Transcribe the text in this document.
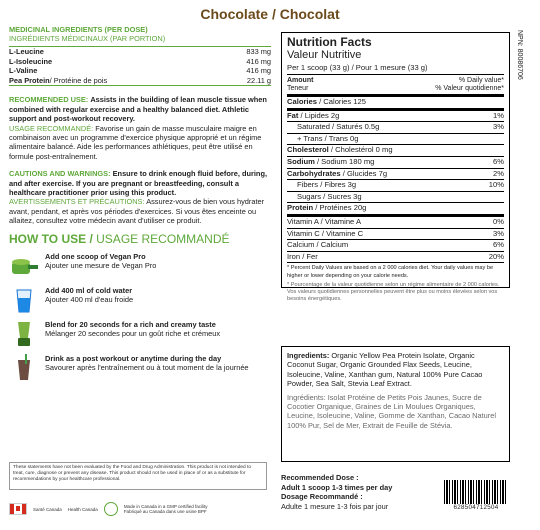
Chocolate / Chocolat
NPN: 80086706
MEDICINAL INGREDIENTS (PER DOSE)
INGRÉDIENTS MÉDICINAUX (PAR PORTION)
L-Leucine	833 mg
L-Isoleucine	416 mg
L-Valine	416 mg
Pea Protein/ Protéine de pois	22.11 g

RECOMMENDED USE: Assists in the building of lean muscle tissue when combined with regular exercise and a healthy balanced diet. Athletic support and post-workout recovery.

USAGE RECOMMANDÉ: Favorise un gain de masse musculaire maigre en combinaison avec un programme d'exercice physique approprié et un régime alimentaire balancé. Aide les performances athlétiques, peut être utilisé en formule post-entraînement.

CAUTIONS AND WARNINGS: Ensure to drink enough fluid before, during, and after exercise. If you are pregnant or breastfeeding, consult a healthcare practitioner prior using this product.

AVERTISSEMENTS ET PRÉCAUTIONS: Assurez-vous de bien vous hydrater avant, pendant, et après vos périodes d'exercices. Si vous êtes enceinte ou allaitez, consultez votre médecin avant d'utiliser ce produit.

HOW TO USE / USAGE RECOMMANDÉ
Add one scoop of Vegan Pro
Ajouter une mesure de Vegan Pro
Add 400 ml of cold water
Ajouter 400 ml d'eau froide
Blend for 20 seconds for a rich and creamy taste
Mélanger 20 secondes pour un goût riche et crémeux
Drink as a post workout or anytime during the day
Savourer après l'entraînement ou à tout moment de la journée
These statements have not been evaluated by the Food and Drug Administration. This product is not intended to treat, cure, diagnose or prevent any disease. This product should not be used in place of or as a substitute for recommendations by your healthcare professional.
Santé Canada Health Canada	Made in Canada in a GMP certified facility
Fabriqué au Canada dans une usine BPF
Nutrition Facts
Valeur Nutritive
Per 1 scoop (33 g) / Pour 1 mesure (33 g)
Amount
Teneur
% Daily value*
% Valeur quotidienne*
Calories / Calories 125
Fat / Lipides 2g	1%
Saturated / Saturés 0.5g	3%
+ Trans / Trans 0g
Cholesterol / Cholestérol 0 mg
Sodium / Sodium 180 mg	6%
Carbohydrates / Glucides 7g	2%
Fibers / Fibres 3g	10%
Sugars / Sucres 3g
Protein / Protéines 20g
Vitamin A / Vitamine A	0%
Vitamin C / Vitamine C	3%
Calcium / Calcium	6%
Iron / Fer	20%
* Percent Daily Values are based on a 2 000 calories diet. Your daily values may be higher or lower depending on your calorie needs.
* Pourcentage de la valeur quotidienne selon un régime alimentaire de 2 000 calories. Vos valeurs quotidiennes personnelles peuvent être plus ou moins élevées selon vos besoins énergétiques.
Ingredients: Organic Yellow Pea Protein Isolate, Organic Coconut Sugar, Organic Grounded Flax Seeds, Leucine, Isoleucine, Valine, Xanthan gum, Natural 100% Pure Cacao Powder, Sea Salt, Stevia Leaf Extract.
Ingrédients: Isolat Protéine de Petits Pois Jaunes, Sucre de Cocotier Organique, Graines de Lin Moulues Organiques, Leucine, Isoleucine, Valine, Gomme de Xanthan, Cacao Naturel 100% Pur, Sel de Mer, Extrait de Feuille de Stévia.
Recommended Dose :
Adult 1 scoop 1-3 times per day
Dosage Recommandé :
Adulte 1 mesure 1-3 fois par jour	628504712504
